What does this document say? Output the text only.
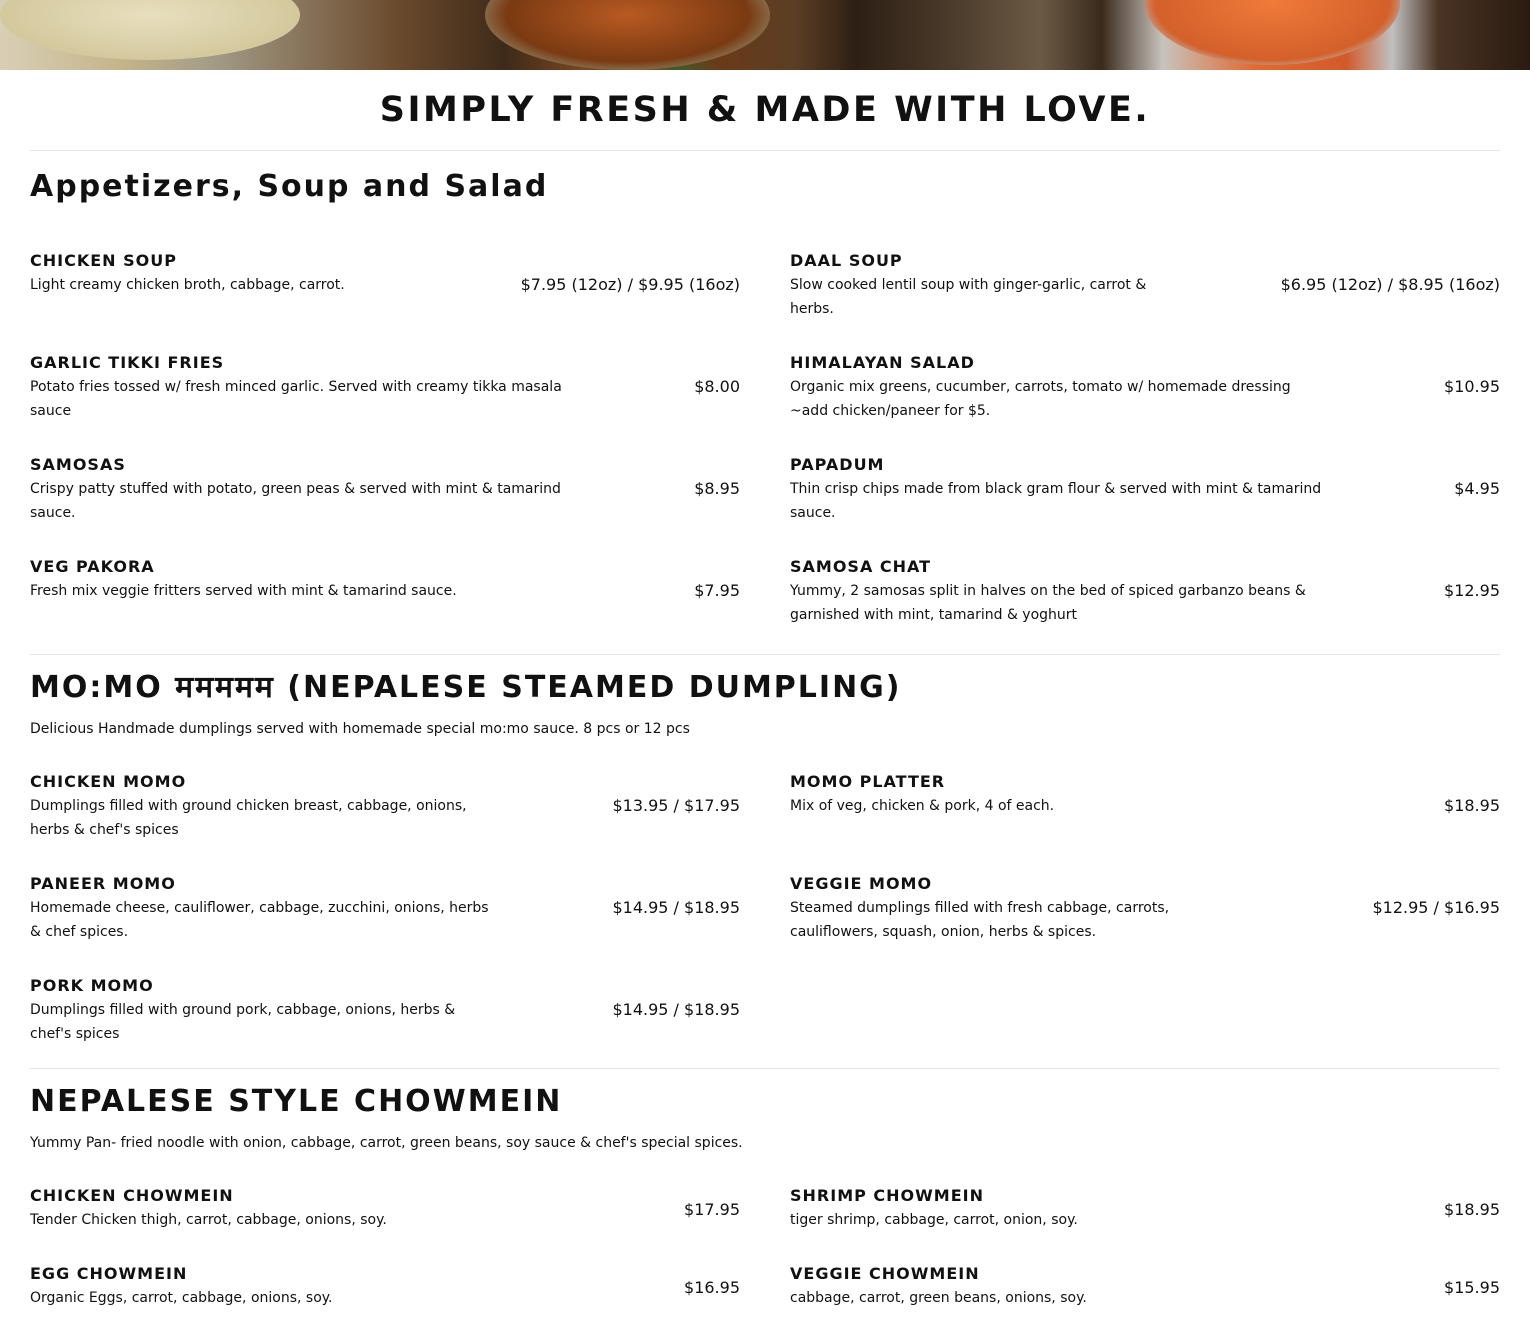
SIMPLY FRESH & MADE WITH LOVE.
Appetizers, Soup and Salad

CHICKEN SOUP

Light creamy chicken broth, cabbage, carrot.	$7.95 (12oz) / $9.95 (16oz)

GARLIC TIKKI FRIES

Potato fries tossed w/ fresh minced garlic. Served with creamy tikka masala sauce

$8.00

SAMOSAS

Crispy patty stuffed with potato, green peas & served with mint & tamarind sauce.

$8.95

VEG PAKORA

Fresh mix veggie fritters served with mint & tamarind sauce.	$7.95

DAAL SOUP

Slow cooked lentil soup with ginger-garlic, carrot & herbs.

$6.95 (12oz) / $8.95 (16oz)

HIMALAYAN SALAD

Organic mix greens, cucumber, carrots, tomato w/ homemade dressing ~add chicken/paneer for $5.

$10.95

PAPADUM

Thin crisp chips made from black gram flour & served with mint & tamarind sauce.

$4.95

SAMOSA CHAT

Yummy, 2 samosas split in halves on the bed of spiced garbanzo beans & garnished with mint, tamarind & yoghurt

$12.95
MO:MO ममममम (NEPALESE STEAMED DUMPLING)

Delicious Handmade dumplings served with homemade special mo:mo sauce. 8 pcs or 12 pcs

CHICKEN MOMO

Dumplings filled with ground chicken breast, cabbage, onions, herbs & chef's spices

$13.95 / $17.95

PANEER MOMO

Homemade cheese, cauliflower, cabbage, zucchini, onions, herbs & chef spices.

$14.95 / $18.95

PORK MOMO

Dumplings filled with ground pork, cabbage, onions, herbs & chef's spices

$14.95 / $18.95

MOMO PLATTER

Mix of veg, chicken & pork, 4 of each.	$18.95

VEGGIE MOMO

Steamed dumplings filled with fresh cabbage, carrots, cauliflowers, squash, onion, herbs & spices.

$12.95 / $16.95
NEPALESE STYLE CHOWMEIN

Yummy Pan- fried noodle with onion, cabbage, carrot, green beans, soy sauce & chef's special spices.

CHICKEN CHOWMEIN

Tender Chicken thigh, carrot, cabbage, onions, soy.

$17.95

EGG CHOWMEIN

Organic Eggs, carrot, cabbage, onions, soy.

$16.95

SHRIMP CHOWMEIN

tiger shrimp, cabbage, carrot, onion, soy.

$18.95

VEGGIE CHOWMEIN

cabbage, carrot, green beans, onions, soy.

$15.95
